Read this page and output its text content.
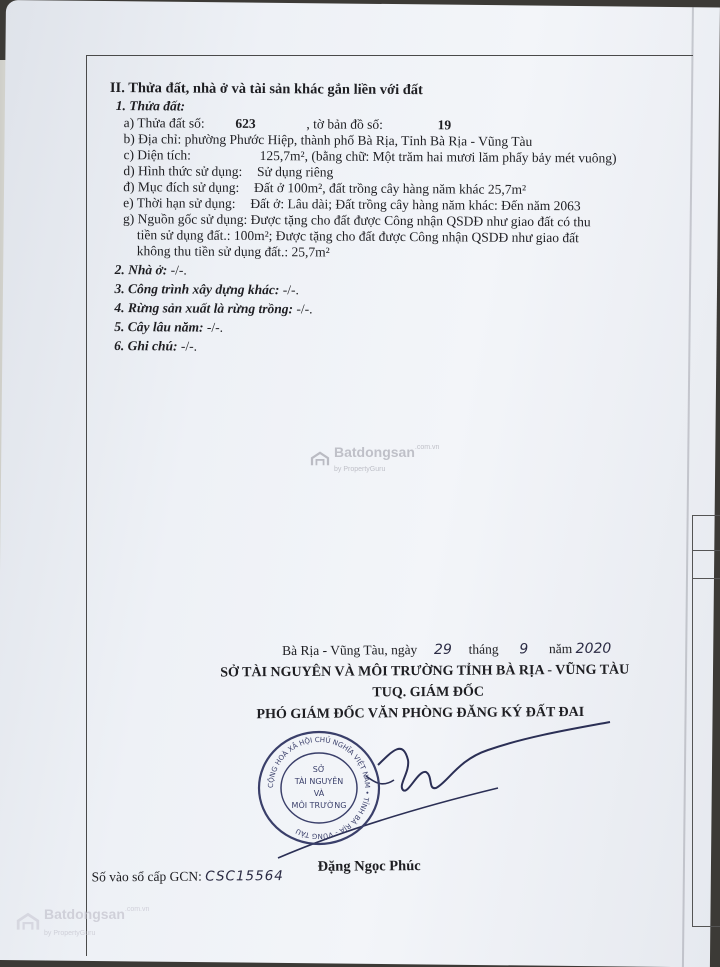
II. Thửa đất, nhà ở và tài sản khác gắn liền với đất
1. Thửa đất:
a) Thửa đất số: 623	, tờ bản đồ số:	19
b) Địa chỉ: phường Phước Hiệp, thành phố Bà Rịa, Tỉnh Bà Rịa - Vũng Tàu
c) Diện tích:	125,7m², (bằng chữ: Một trăm hai mươi lăm phẩy bảy mét vuông)
d) Hình thức sử dụng: Sử dụng riêng
đ) Mục đích sử dụng: Đất ở 100m², đất trồng cây hàng năm khác 25,7m²
e) Thời hạn sử dụng: Đất ở: Lâu dài; Đất trồng cây hàng năm khác: Đến năm 2063
g) Nguồn gốc sử dụng: Được tặng cho đất được Công nhận QSDĐ như giao đất có thu
tiền sử dụng đất.: 100m²; Được tặng cho đất được Công nhận QSDĐ như giao đất
không thu tiền sử dụng đất.: 25,7m²
2. Nhà ở: -/-.
3. Công trình xây dựng khác: -/-.
4. Rừng sản xuất là rừng trồng: -/-.
5. Cây lâu năm: -/-.
6. Ghi chú: -/-.
Batdongsan$^{.com.vn}$
by PropertyGuru
Batdongsan$^{.com.vn}$
by PropertyGuru
Bà Rịa - Vũng Tàu, ngày 29 tháng 9 năm 2020
SỞ TÀI NGUYÊN VÀ MÔI TRƯỜNG TỈNH BÀ RỊA - VŨNG TÀU
TUQ. GIÁM ĐỐC
PHÓ GIÁM ĐỐC VĂN PHÒNG ĐĂNG KÝ ĐẤT ĐAI
Đặng Ngọc Phúc
Số vào sổ cấp GCN: CSC15564
CỘNG HOÀ XÃ HỘI CHỦ NGHĨA VIỆT NAM • TỈNH BÀ RỊA - VŨNG TÀU
SỞ
TÀI NGUYÊN
VÀ
MÔI TRƯỜNG
